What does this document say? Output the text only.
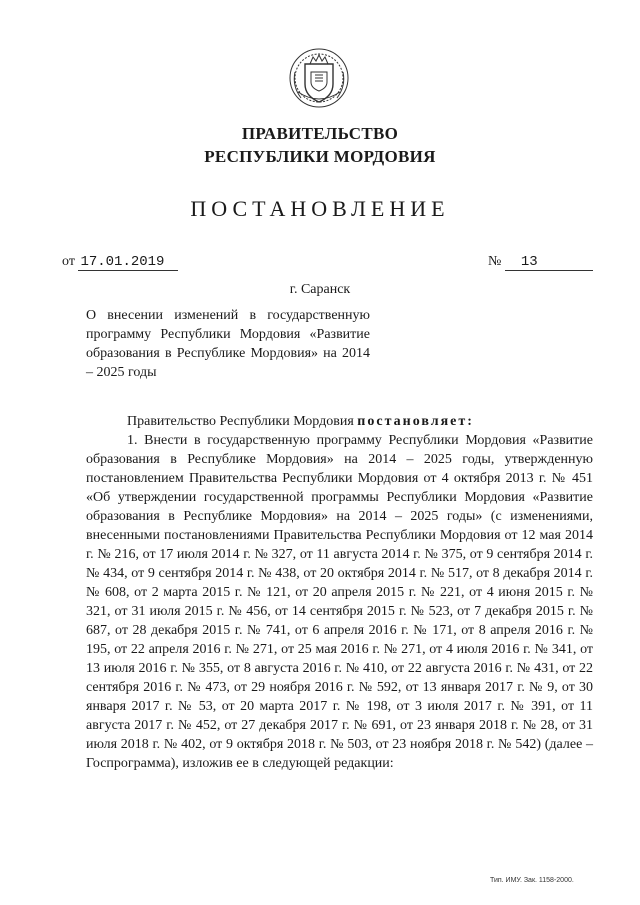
ПРАВИТЕЛЬСТВО
РЕСПУБЛИКИ МОРДОВИЯ
ПОСТАНОВЛЕНИЕ
от 17.01.2019	№ 13
г. Саранск
О внесении изменений в государственную программу Республики Мордовия «Развитие образования в Республике Мордовия» на 2014 – 2025 годы

Правительство Республики Мордовия постановляет:

1. Внести в государственную программу Республики Мордовия «Развитие образования в Республике Мордовия» на 2014 – 2025 годы, утвержденную постановлением Правительства Республики Мордовия от 4 октября 2013 г. № 451 «Об утверждении государственной программы Республики Мордовия «Развитие образования в Республике Мордовия» на 2014 – 2025 годы» (с изменениями, внесенными постановлениями Правительства Республики Мордовия от 12 мая 2014 г. № 216, от 17 июля 2014 г. № 327, от 11 августа 2014 г. № 375, от 9 сентября 2014 г. № 434, от 9 сентября 2014 г. № 438, от 20 октября 2014 г. № 517, от 8 декабря 2014 г. № 608, от 2 марта 2015 г. № 121, от 20 апреля 2015 г. № 221, от 4 июня 2015 г. № 321, от 31 июля 2015 г. № 456, от 14 сентября 2015 г. № 523, от 7 декабря 2015 г. № 687, от 28 декабря 2015 г. № 741, от 6 апреля 2016 г. № 171, от 8 апреля 2016 г. № 195, от 22 апреля 2016 г. № 271, от 25 мая 2016 г. № 271, от 4 июля 2016 г. № 341, от 13 июля 2016 г. № 355, от 8 августа 2016 г. № 410, от 22 августа 2016 г. № 431, от 22 сентября 2016 г. № 473, от 29 ноября 2016 г. № 592, от 13 января 2017 г. № 9, от 30 января 2017 г. № 53, от 20 марта 2017 г. № 198, от 3 июля 2017 г. № 391, от 11 августа 2017 г. № 452, от 27 декабря 2017 г. № 691, от 23 января 2018 г. № 28, от 31 июля 2018 г. № 402, от 9 октября 2018 г. № 503, от 23 ноября 2018 г. № 542) (далее – Госпрограмма), изложив ее в следующей редакции:

Тип. ИМУ. Зак. 1158-2000.
